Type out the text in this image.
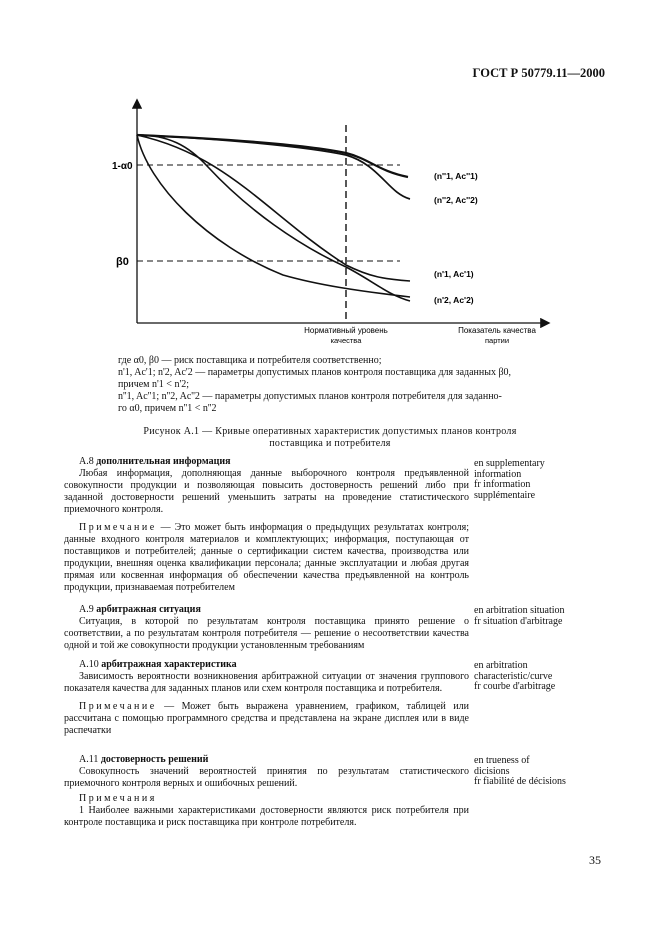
ГОСТ Р 50779.11—2000
1-α0
β0
(n''1, Ac''1)
(n''2, Ac''2)
(n'1, Ac'1)
(n'2, Ac'2)
Нормативный уровень
качества
Показатель качества
партии

где α0, β0 — риск поставщика и потребителя соответственно;

n'1, Ac'1; n'2, Ac'2 — параметры допустимых планов контроля поставщика для заданных β0,

причем n'1 < n'2;

n''1, Ac''1; n''2, Ac''2 — параметры допустимых планов контроля потребителя для заданно-

го α0, причем n''1 < n''2

Рисунок А.1 — Кривые оперативных характеристик допустимых планов контроля
поставщика и потребителя
А.8 дополнительная информация

Любая информация, дополняющая данные выборочного контроля предъявленной совокупности продукции и позволяющая повысить достоверность решений либо при заданной достоверности решений уменьшить затраты на проведение статистического приемочного контроля.

Примечание — Это может быть информация о предыдущих результатах контроля; данные входного контроля материалов и комплектующих; информация, поступающая от поставщиков и потребителей; данные о сертификации систем качества, производства или продукции, внешняя оценка квалификации персонала; данные эксплуатации и любая другая прямая или косвенная информация об обеспечении качества предъявленной на контроль продукции, признаваемая потребителем

en supplementary
information
fr information
supplémentaire
А.9 арбитражная ситуация

Ситуация, в которой по результатам контроля поставщика принято решение о соответствии, а по результатам контроля потребителя — решение о несоответствии качества одной и той же совокупности продукции установленным требованиям

en arbitration situation
fr situation d'arbitrage
А.10 арбитражная характеристика

Зависимость вероятности возникновения арбитражной ситуации от значения группового показателя качества для заданных планов или схем контроля поставщика и потребителя.

Примечание — Может быть выражена уравнением, графиком, таблицей или рассчитана с помощью программного средства и представлена на экране дисплея или в виде распечатки

en arbitration
characteristic/curve
fr courbe d'arbitrage
А.11 достоверность решений

Совокупность значений вероятностей принятия по результатам статистического приемочного контроля верных и ошибочных решений.

Примечания

1 Наиболее важными характеристиками достоверности являются риск потребителя при контроле поставщика и риск поставщика при контроле потребителя.

en trueness of
dicisions
fr fiabilité de décisions
35
